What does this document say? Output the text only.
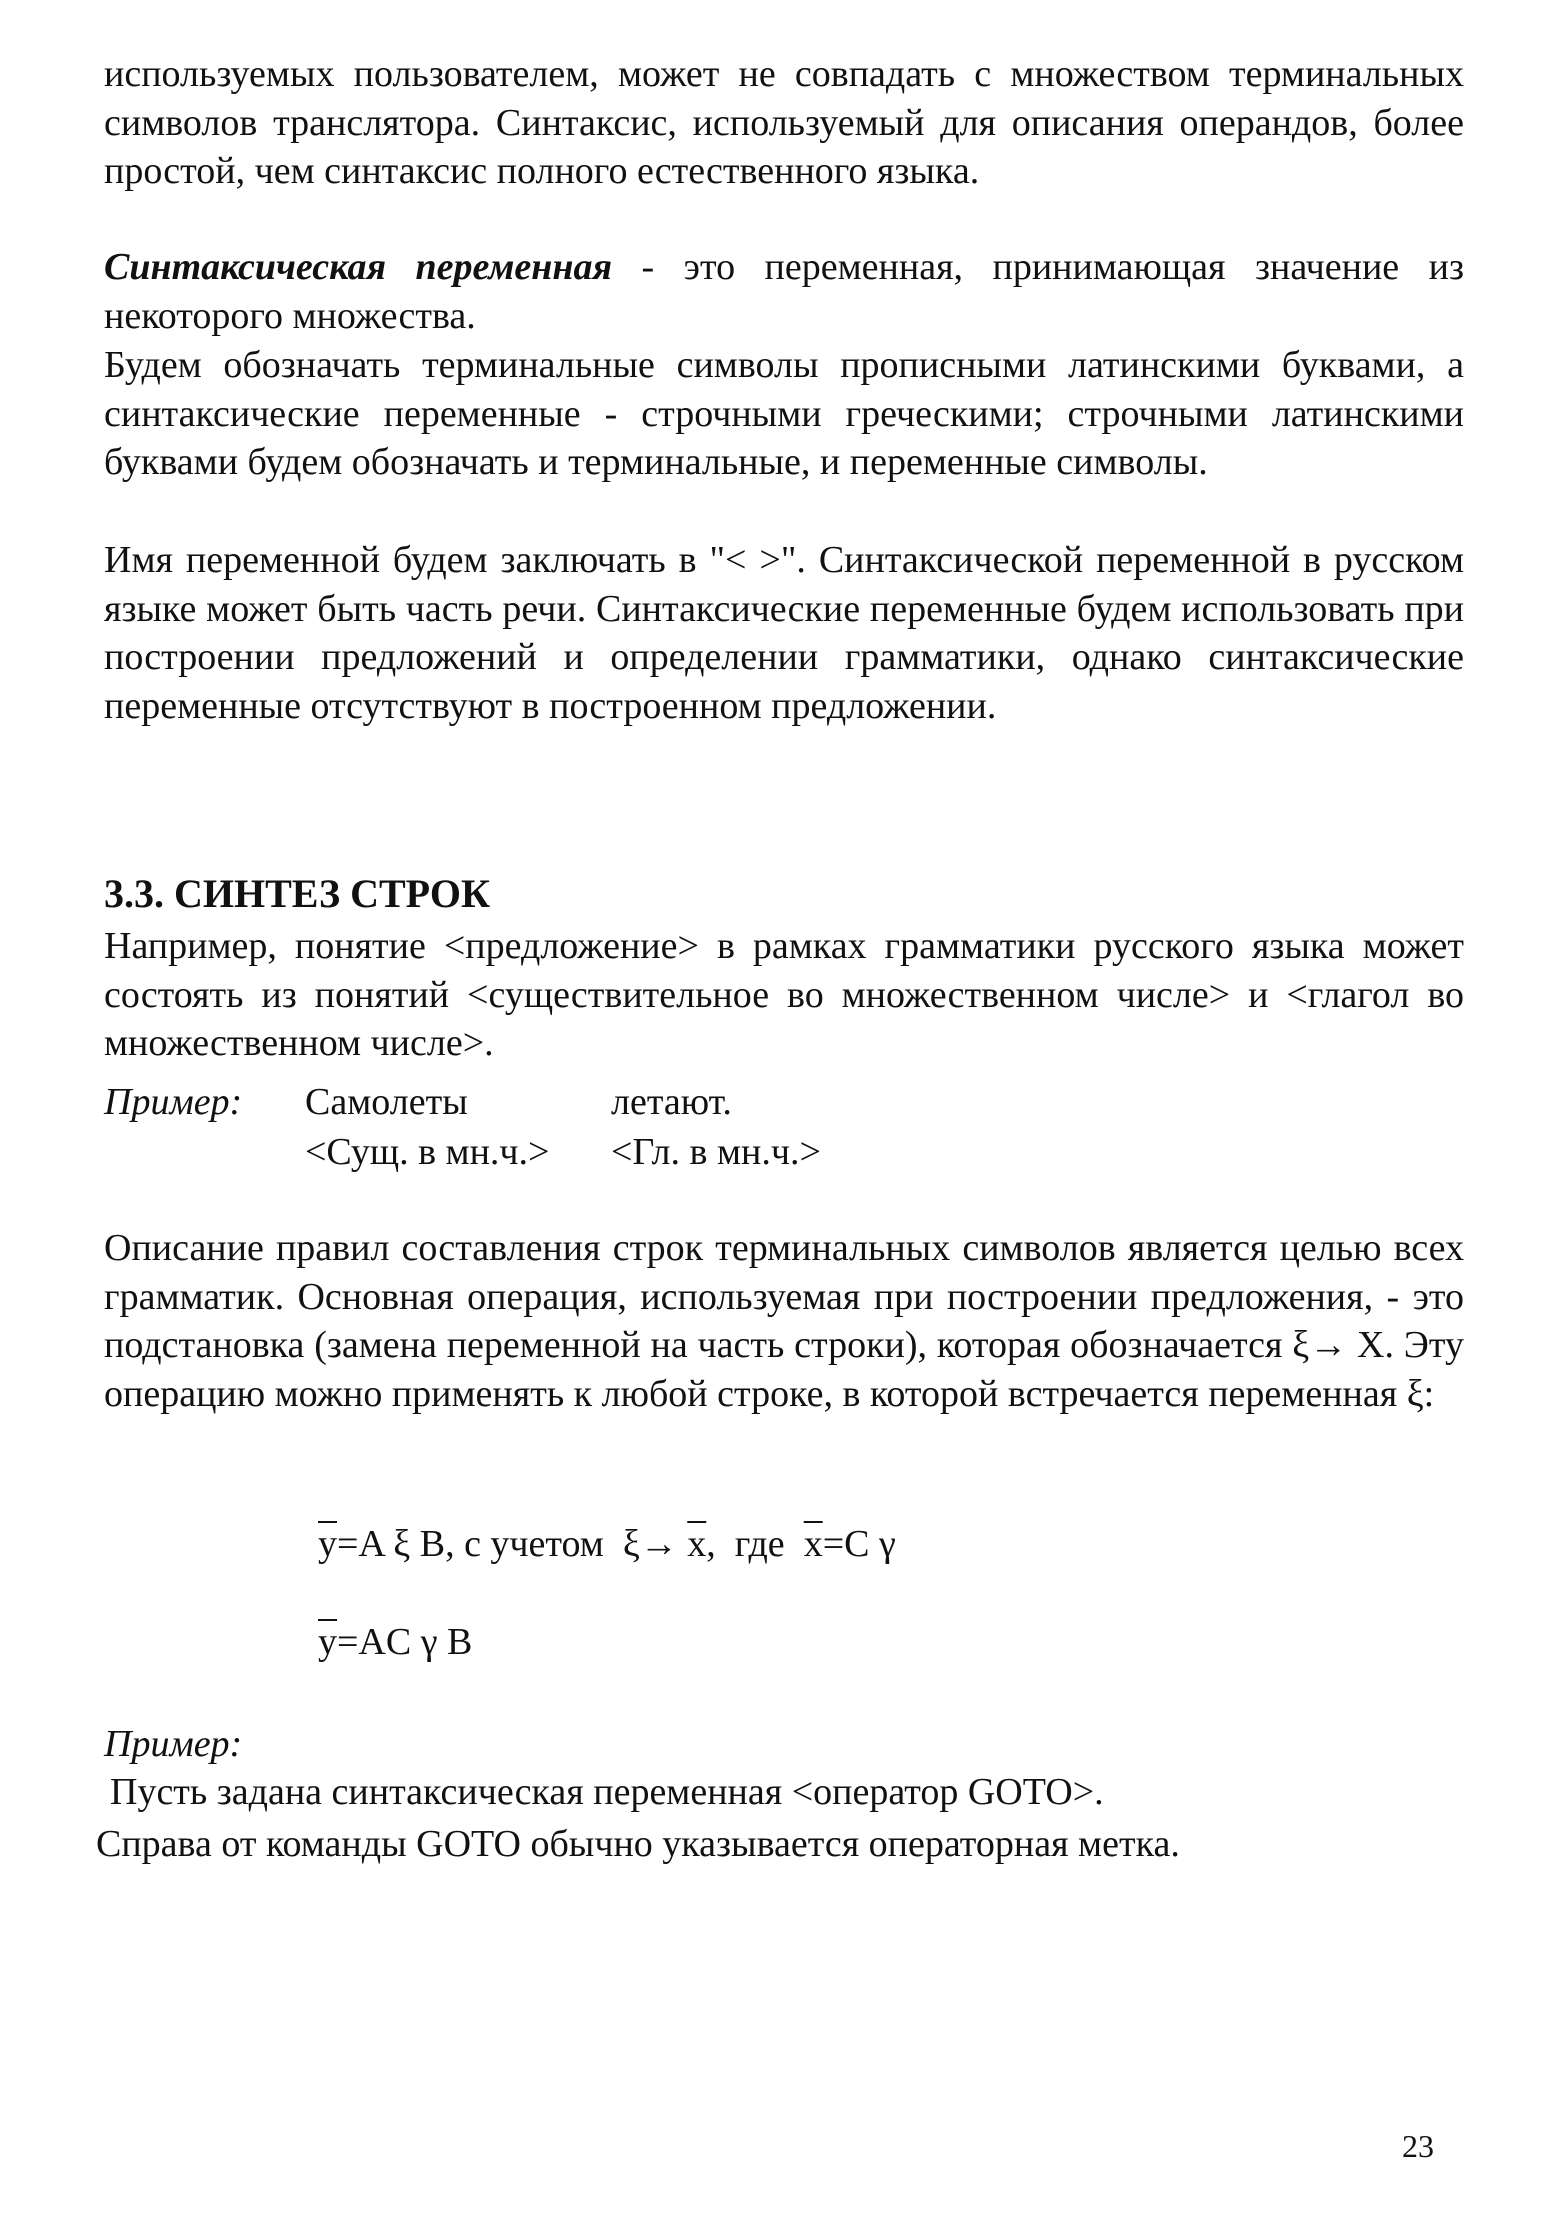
используемых пользователем, может не совпадать с множеством терминальных символов транслятора. Синтаксис, используемый для описания операндов, более простой, чем синтаксис полного естественного языка.
Синтаксическая переменная - это переменная, принимающая значение из некоторого множества.
Будем обозначать терминальные символы прописными латинскими буквами, а синтаксические переменные - строчными греческими; строчными латинскими буквами будем обозначать и терминальные, и переменные символы.
Имя переменной будем заключать в "< >". Синтаксической переменной в русском языке может быть часть речи. Синтаксические переменные будем использовать при построении предложений и определении грамматики, однако синтаксические переменные отсутствуют в построенном предложении.
3.3. СИНТЕЗ СТРОК
Например, понятие <предложение> в рамках грамматики русского языка может состоять из понятий <существительное во множественном числе> и <глагол во множественном числе>.
Пример: Самолеты	летают.
<Сущ. в мн.ч.> <Гл. в мн.ч.>
Описание правил составления строк терминальных символов является целью всех грамматик. Основная операция, используемая при построении предложения, - это подстановка (замена переменной на часть строки), которая обозначается ξ→ X. Эту операцию можно применять к любой строке, в которой встречается переменная ξ:
$\overline{y}=A$ ξ B, с учетом  $\xi\to \overline{x}$,  где  $\overline{x}=C$ γ
$\overline{y}=AC$ γ B
Пример:
Пусть задана синтаксическая переменная <оператор GOTO>.
Справа от команды GOTO обычно указывается операторная метка.
23
